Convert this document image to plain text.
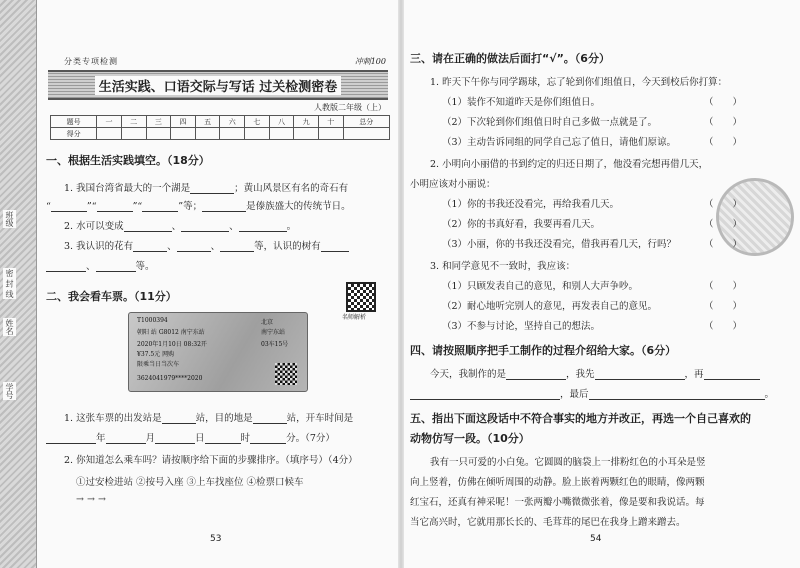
班级
密 封 线
姓名
学号
分类专项检测	冲刺100
生活实践、口语交际与写话 过关检测密卷
人教版二年级（上）
题号	一	二	三	四	五	六	七	八	九	十	总分
得分											
一、根据生活实践填空。（18分）
1. 我国台湾省最大的一个湖是	；黄山风景区有名的奇石有
“	”“	”“	”等；	是傣族盛大的传统节日。
2. 水可以变成	、	、	。
3. 我认识的花有	、	、	等，认识的树有
、	等。
名师解析
二、我会看车票。（11分）
T1000394
朝阳 站 G8012 南宁东站
2020年1月10日 08:32开
¥37.5元 网购
限乘当日当次车
3624041979****2020
北京
南宁东站
03车15号
1. 这张车票的出发站是	站，目的地是	站，开车时间是
年	月	日	时	分。（7分）
2. 你知道怎么乘车吗？请按顺序给下面的步骤排序。（填序号）（4分）
①过安检进站 ②按号入座 ③上车找座位 ④检票口候车
→ → →
53
三、请在正确的做法后面打“√”。（6分）
1. 昨天下午你与同学踢球，忘了轮到你们组值日，今天到校后你打算：
（1）装作不知道昨天是你们组值日。	（　　）
（2）下次轮到你们组值日时自己多做一点就是了。	（　　）
（3）主动告诉同组的同学自己忘了值日，请他们原谅。	（　　）
2. 小明向小丽借的书到约定的归还日期了，他没看完想再借几天，
小明应该对小丽说：
（1）你的书我还没看完，再给我看几天。	（　　）
（2）你的书真好看，我要再看几天。	（　　）
（3）小丽，你的书我还没看完，借我再看几天，行吗？	（　　）
3. 和同学意见不一致时，我应该：
（1）只顾发表自己的意见，和别人大声争吵。	（　　）
（2）耐心地听完别人的意见，再发表自己的意见。	（　　）
（3）不参与讨论，坚持自己的想法。	（　　）
四、请按照顺序把手工制作的过程介绍给大家。（6分）
今天，我制作的是	，我先	，再
，最后	。
五、指出下面这段话中不符合事实的地方并改正，再选一个自己喜欢的
动物仿写一段。（10分）
我有一只可爱的小白兔。它圆圆的脑袋上一排粉红色的小耳朵是竖
向上竖着，仿佛在倾听周围的动静。脸上嵌着两颗红色的眼睛，像两颗
红宝石，还真有神采呢！一张两瓣小嘴微微张着，像是要和我说话。每
当它高兴时，它就用那长长的、毛茸茸的尾巴在我身上蹭来蹭去。
54
